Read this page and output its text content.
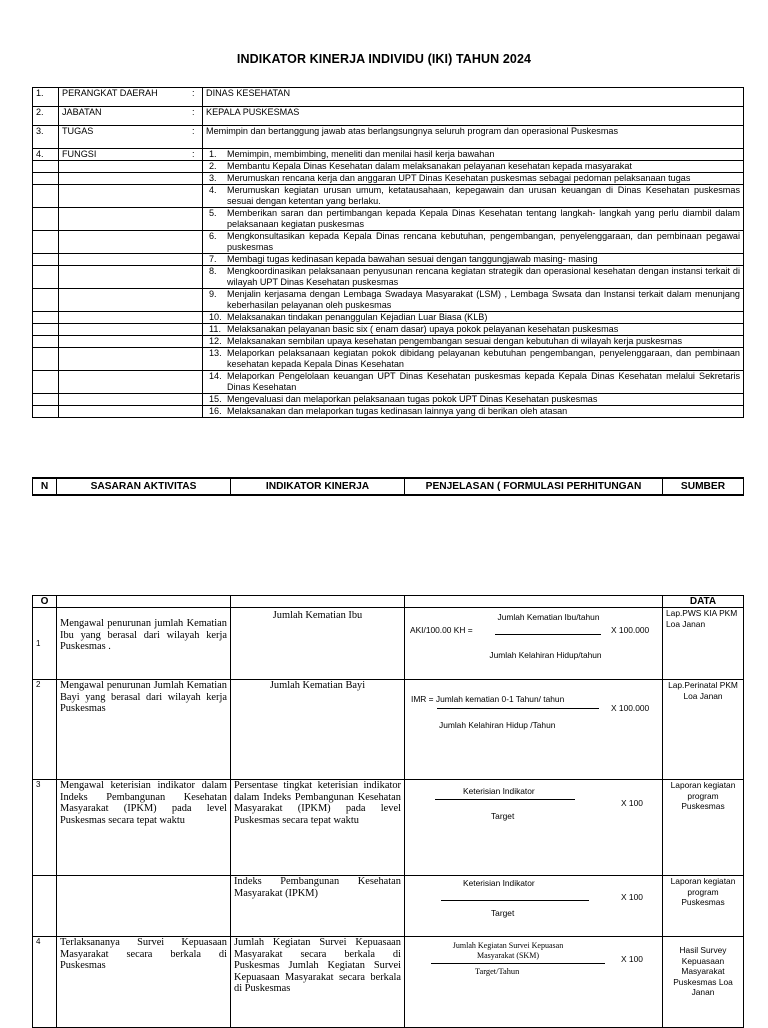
INDIKATOR KINERJA INDIVIDU (IKI) TAHUN 2024
1.	PERANGKAT DAERAH	:	DINAS KESEHATAN
2.	JABATAN	:	KEPALA PUSKESMAS
3.	TUGAS	:	Memimpin dan bertanggung jawab atas berlangsungnya seluruh program dan operasional Puskesmas
4.	FUNGSI	:	1. Memimpin, membimbing, meneliti dan menilai hasil kerja bawahan

			2. Membantu Kepala Dinas Kesehatan dalam melaksanakan pelayanan kesehatan kepada masyarakat

			3. Merumuskan rencana kerja dan anggaran UPT Dinas Kesehatan puskesmas sebagai pedoman pelaksanaan tugas

			4. Merumuskan kegiatan urusan umum, ketatausahaan, kepegawain dan urusan keuangan di Dinas Kesehatan puskesmas sesuai dengan ketentan yang berlaku.

			5. Memberikan saran dan pertimbangan kepada Kepala Dinas Kesehatan tentang langkah- langkah yang perlu diambil dalam pelaksanaan kegiatan puskesmas

			6. Mengkonsultasikan kepada Kepala Dinas rencana kebutuhan, pengembangan, penyelenggaraan, dan pembinaan pegawai puskesmas

			7. Membagi tugas kedinasan kepada bawahan sesuai dengan tanggungjawab masing- masing

			8. Mengkoordinasikan pelaksanaan penyusunan rencana kegiatan strategik dan operasional kesehatan dengan instansi terkait di wilayah UPT Dinas Kesehatan puskesmas

			9. Menjalin kerjasama dengan Lembaga Swadaya Masyarakat (LSM) , Lembaga Swsata dan Instansi terkait dalam menunjang keberhasilan pelayanan oleh puskesmas

			10. Melaksanakan tindakan penanggulan Kejadian Luar Biasa (KLB)

			11. Melaksanakan pelayanan basic six ( enam dasar) upaya pokok pelayanan kesehatan puskesmas

			12. Melaksanakan sembilan upaya kesehatan pengembangan sesuai dengan kebutuhan di wilayah kerja puskesmas

			13. Melaporkan pelaksanaan kegiatan pokok dibidang pelayanan kebutuhan pengembangan, penyelenggaraan, dan pembinaan kesehatan kepada Kepala Dinas Kesehatan

			14. Melaporkan Pengelolaan keuangan UPT Dinas Kesehatan puskesmas kepada Kepala Dinas Kesehatan melalui Sekretaris Dinas Kesehatan

			15. Mengevaluasi dan melaporkan pelaksanaan tugas pokok UPT Dinas Kesehatan puskesmas

			16. Melaksanakan dan melaporkan tugas kedinasan lainnya yang di berikan oleh atasan
N	SASARAN AKTIVITAS	INDIKATOR KINERJA	PENJELASAN ( FORMULASI PERHITUNGAN	SUMBER
O				DATA
1	Mengawal penurunan jumlah Kematian Ibu yang berasal dari wilayah kerja Puskesmas .	Jumlah Kematian Ibu	Jumlah Kematian Ibu/tahun
AKI/100.00 KH = X 100.000
Jumlah Kelahiran Hidup/tahun	Lap.PWS KIA PKM Loa Janan
2	Mengawal penurunan Jumlah Kematian Bayi yang berasal dari wilayah kerja Puskesmas	Jumlah Kematian Bayi	IMR = Jumlah kematian 0-1 Tahun/ tahun
X 100.000
Jumlah Kelahiran Hidup /Tahun	Lap.Perinatal PKM Loa Janan
3	Mengawal keterisian indikator dalam Indeks Pembangunan Kesehatan Masyarakat (IPKM) pada level Puskesmas secara tepat waktu	Persentase tingkat keterisian indikator dalam Indeks Pembangunan Kesehatan Masyarakat (IPKM) pada level Puskesmas secara tepat waktu	Keterisian Indikator
X 100
Target	Laporan kegiatan program Puskesmas
		Indeks Pembangunan Kesehatan Masyarakat (IPKM)	Keterisian Indikator
X 100
Target	Laporan kegiatan program Puskesmas
4	Terlaksananya Survei Kepuasaan Masyarakat secara berkala di Puskesmas	Jumlah Kegiatan Survei Kepuasaan Masyarakat secara berkala di Puskesmas Jumlah Kegiatan Survei Kepuasaan Masyarakat secara berkala di Puskesmas	Jumlah Kegiatan Survei Kepuasan Masyarakat (SKM) X 100
Target/Tahun	Hasil Survey Kepuasaan Masyarakat Puskesmas Loa Janan
